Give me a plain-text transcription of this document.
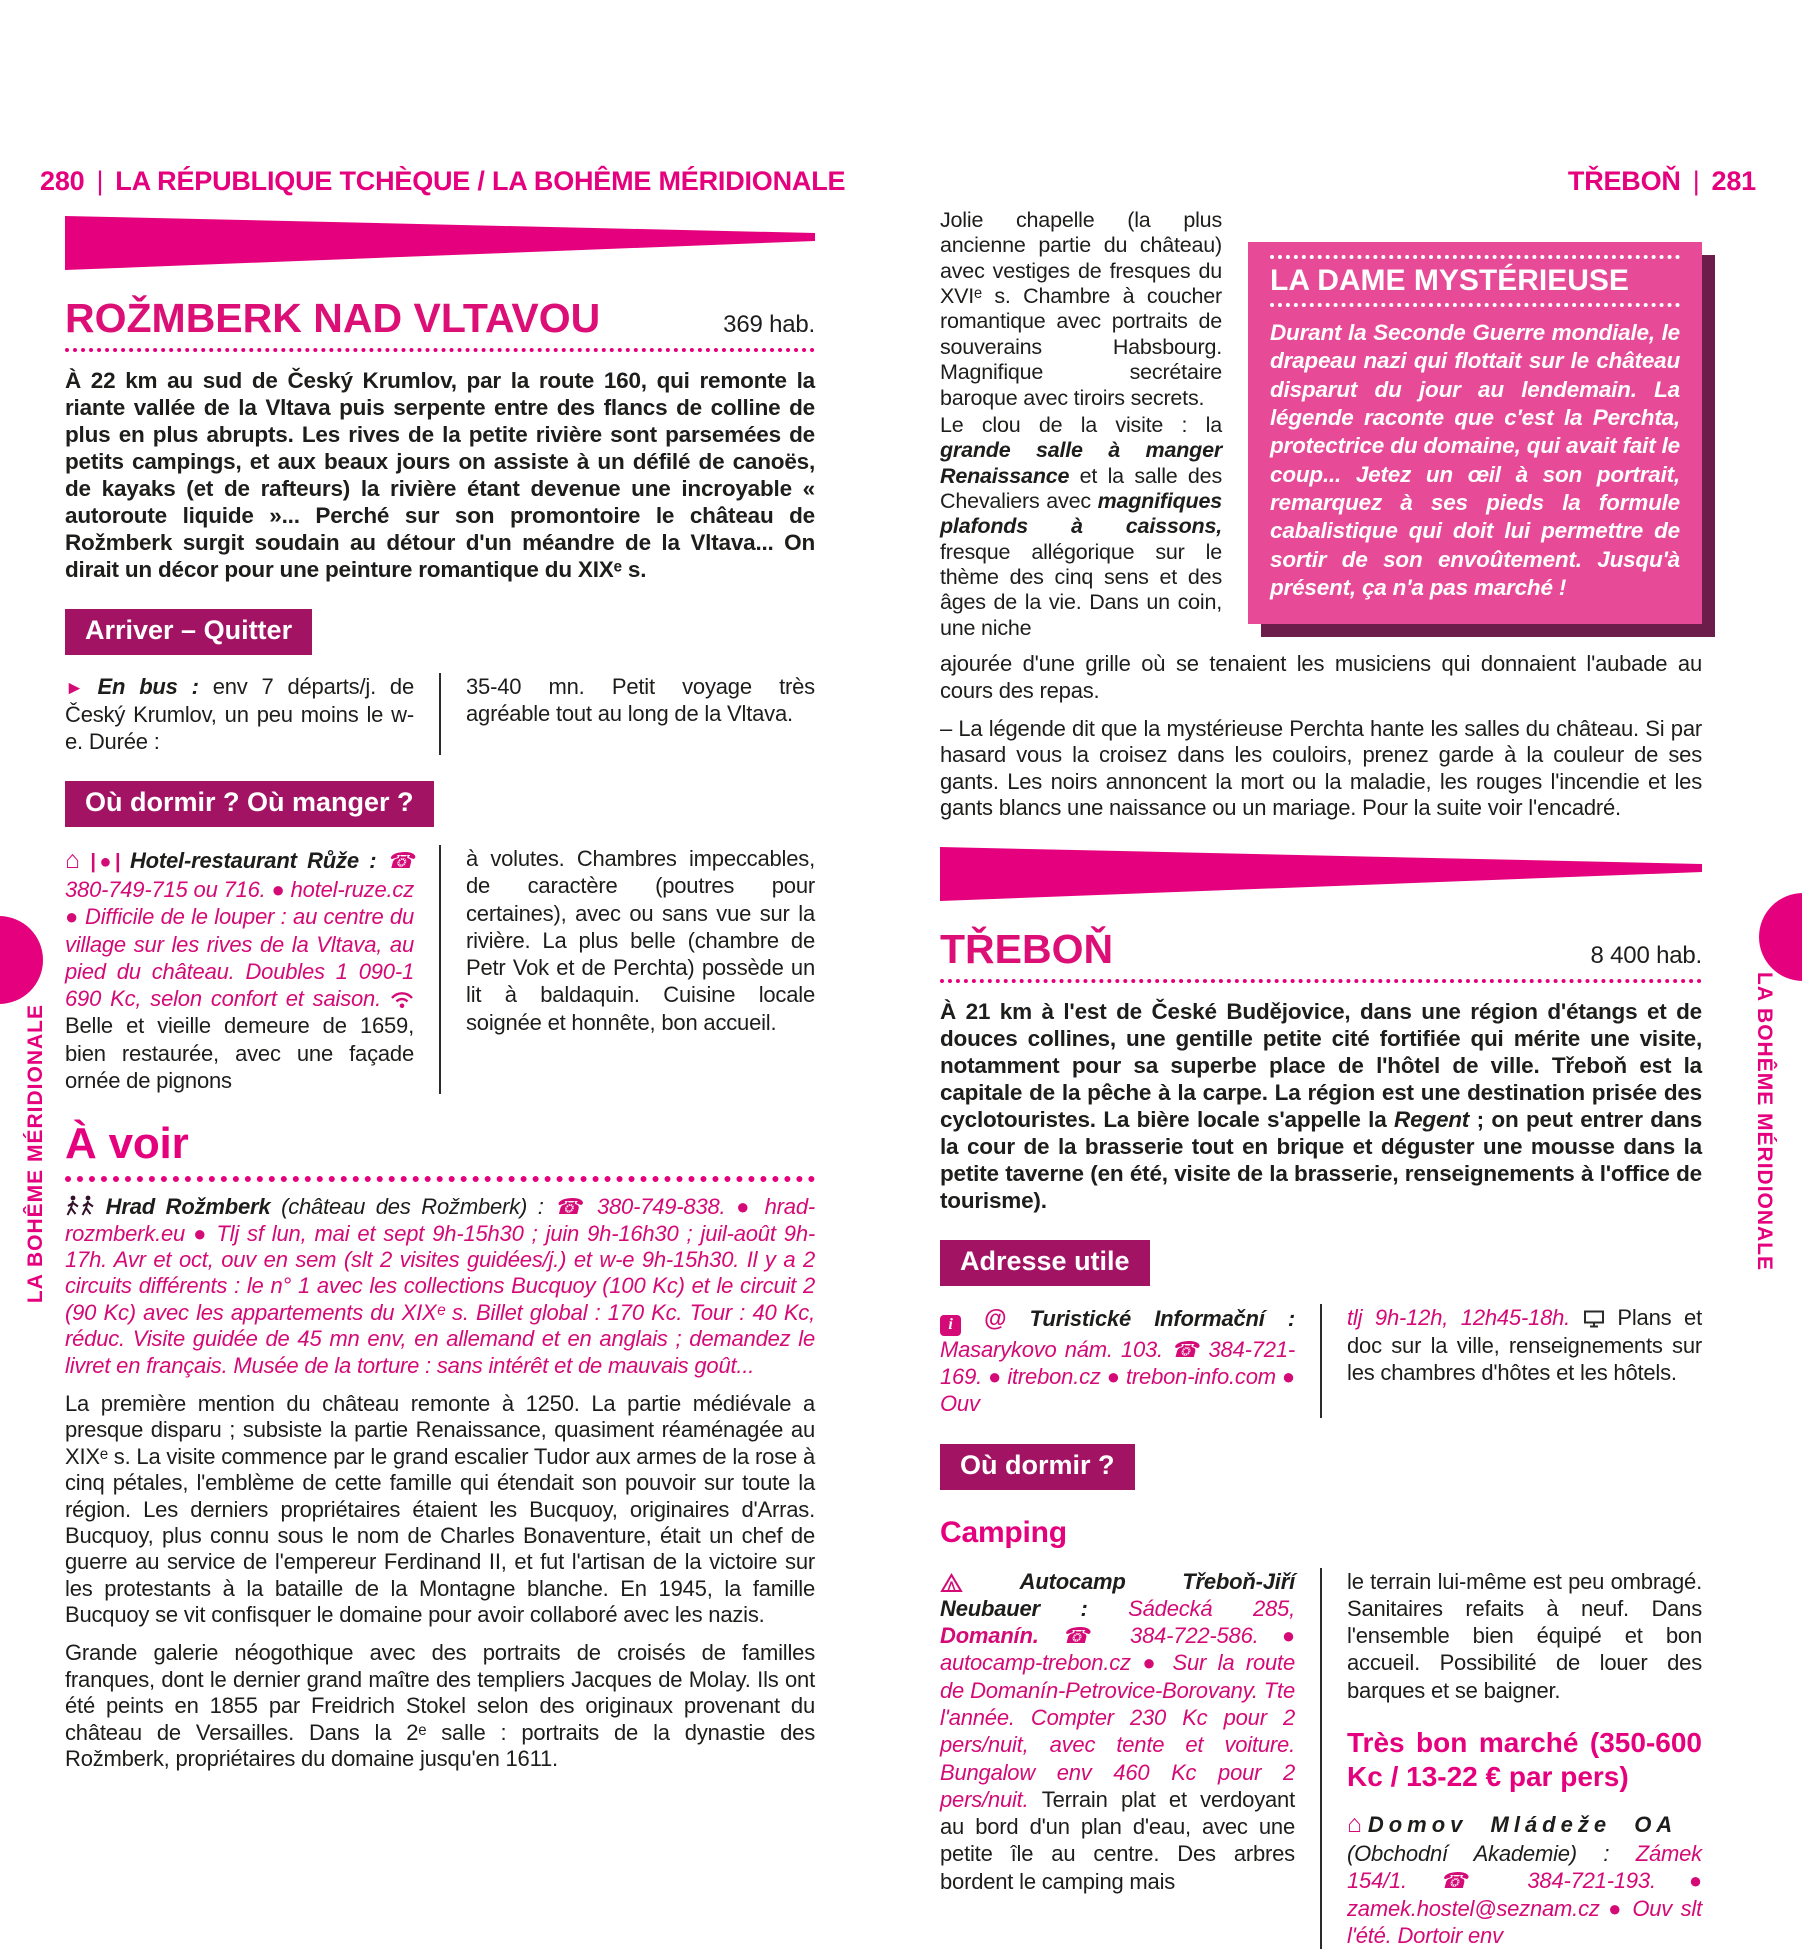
280 | LA RÉPUBLIQUE TCHÈQUE / LA BOHÊME MÉRIDIONALE	TŘEBOŇ | 281
LA BOHÊME MÉRIDIONALE	LA BOHÊME MÉRIDIONALE
ROŽMBERK NAD VLTAVOU	369 hab.

À 22 km au sud de Český Krumlov, par la route 160, qui remonte la riante vallée de la Vltava puis serpente entre des flancs de colline de plus en plus abrupts. Les rives de la petite rivière sont parsemées de petits campings, et aux beaux jours on assiste à un défilé de canoës, de kayaks (et de rafteurs) la rivière étant devenue une incroyable « autoroute liquide »... Perché sur son promontoire le château de Rožmberk surgit soudain au détour d'un méandre de la Vltava... On dirait un décor pour une peinture romantique du XIXᵉ s.

Arriver – Quitter

► En bus : env 7 départs/j. de Český Krumlov, un peu moins le w-e. Durée :

35-40 mn. Petit voyage très agréable tout au long de la Vltava.

Où dormir ? Où manger ?

⌂ |●| Hotel-restaurant Růže : ☎ 380-749-715 ou 716. ● hotel-ruze.cz ● Difficile de le louper : au centre du village sur les rives de la Vltava, au pied du château. Doubles 1 090-1 690 Kc, selon confort et saison.  Belle et vieille demeure de 1659, bien restaurée, avec une façade ornée de pignons

à volutes. Chambres impeccables, de caractère (poutres pour certaines), avec ou sans vue sur la rivière. La plus belle (chambre de Petr Vok et de Perchta) possède un lit à baldaquin. Cuisine locale soignée et honnête, bon accueil.

À voir

Hrad Rožmberk (château des Rožmberk) : ☎ 380-749-838. ● hrad-rozmberk.eu ● Tlj sf lun, mai et sept 9h-15h30 ; juin 9h-16h30 ; juil-août 9h-17h. Avr et oct, ouv en sem (slt 2 visites guidées/j.) et w-e 9h-15h30. Il y a 2 circuits différents : le n° 1 avec les collections Bucquoy (100 Kc) et le circuit 2 (90 Kc) avec les appartements du XIXᵉ s. Billet global : 170 Kc. Tour : 40 Kc, réduc. Visite guidée de 45 mn env, en allemand et en anglais ; demandez le livret en français. Musée de la torture : sans intérêt et de mauvais goût...

La première mention du château remonte à 1250. La partie médiévale a presque disparu ; subsiste la partie Renaissance, quasiment réaménagée au XIXᵉ s. La visite commence par le grand escalier Tudor aux armes de la rose à cinq pétales, l'emblème de cette famille qui étendait son pouvoir sur toute la région. Les derniers propriétaires étaient les Bucquoy, originaires d'Arras. Bucquoy, plus connu sous le nom de Charles Bonaventure, était un chef de guerre au service de l'empereur Ferdinand II, et fut l'artisan de la victoire sur les protestants à la bataille de la Montagne blanche. En 1945, la famille Bucquoy se vit confisquer le domaine pour avoir collaboré avec les nazis.

Grande galerie néogothique avec des portraits de croisés de familles franques, dont le dernier grand maître des templiers Jacques de Molay. Ils ont été peints en 1855 par Freidrich Stokel selon des originaux provenant du château de Versailles. Dans la 2ᵉ salle : portraits de la dynastie des Rožmberk, propriétaires du domaine jusqu'en 1611.

Jolie chapelle (la plus ancienne partie du château) avec vestiges de fresques du XVIᵉ s. Chambre à coucher romantique avec portraits de souverains Habsbourg. Magnifique secrétaire baroque avec tiroirs secrets.

Le clou de la visite : la grande salle à manger Renaissance et la salle des Chevaliers avec magnifiques plafonds à caissons, fresque allégorique sur le thème des cinq sens et des âges de la vie. Dans un coin, une niche

LA DAME MYSTÉRIEUSE

Durant la Seconde Guerre mondiale, le drapeau nazi qui flottait sur le château disparut du jour au lendemain. La légende raconte que c'est la Perchta, protectrice du domaine, qui avait fait le coup... Jetez un œil à son portrait, remarquez à ses pieds la formule cabalistique qui doit lui permettre de sortir de son envoûtement. Jusqu'à présent, ça n'a pas marché !

ajourée d'une grille où se tenaient les musiciens qui donnaient l'aubade au cours des repas.

– La légende dit que la mystérieuse Perchta hante les salles du château. Si par hasard vous la croisez dans les couloirs, prenez garde à la couleur de ses gants. Les noirs annoncent la mort ou la maladie, les rouges l'incendie et les gants blancs une naissance ou un mariage. Pour la suite voir l'encadré.

TŘEBOŇ	8 400 hab.

À 21 km à l'est de České Budějovice, dans une région d'étangs et de douces collines, une gentille petite cité fortifiée qui mérite une visite, notamment pour sa superbe place de l'hôtel de ville. Třeboň est la capitale de la pêche à la carpe. La région est une destination prisée des cyclotouristes. La bière locale s'appelle la Regent ; on peut entrer dans la cour de la brasserie tout en brique et déguster une mousse dans la petite taverne (en été, visite de la brasserie, renseignements à l'office de tourisme).

Adresse utile

i @ Turistické Informační : Masarykovo nám. 103. ☎ 384-721-169. ● itrebon.cz ● trebon-info.com ● Ouv

tlj 9h-12h, 12h45-18h.  Plans et doc sur la ville, renseignements sur les chambres d'hôtes et les hôtels.

Où dormir ?
Camping

Autocamp Třeboň-Jiří Neubauer : Sádecká 285, Domanín. ☎ 384-722-586. ● autocamp-trebon.cz ● Sur la route de Domanín-Petrovice-Borovany. Tte l'année. Compter 230 Kc pour 2 pers/nuit, avec tente et voiture. Bungalow env 460 Kc pour 2 pers/nuit. Terrain plat et verdoyant au bord d'un plan d'eau, avec une petite île au centre. Des arbres bordent le camping mais

le terrain lui-même est peu ombragé. Sanitaires refaits à neuf. Dans l'ensemble bien équipé et bon accueil. Possibilité de louer des barques et se baigner.

Très bon marché (350-600 Kc / 13-22 € par pers)

⌂ Domov Mládeže OA
(Obchodní Akademie) : Zámek 154/1. ☎ 384-721-193. ● zamek.hostel@seznam.cz ● Ouv slt l'été. Dortoir env
